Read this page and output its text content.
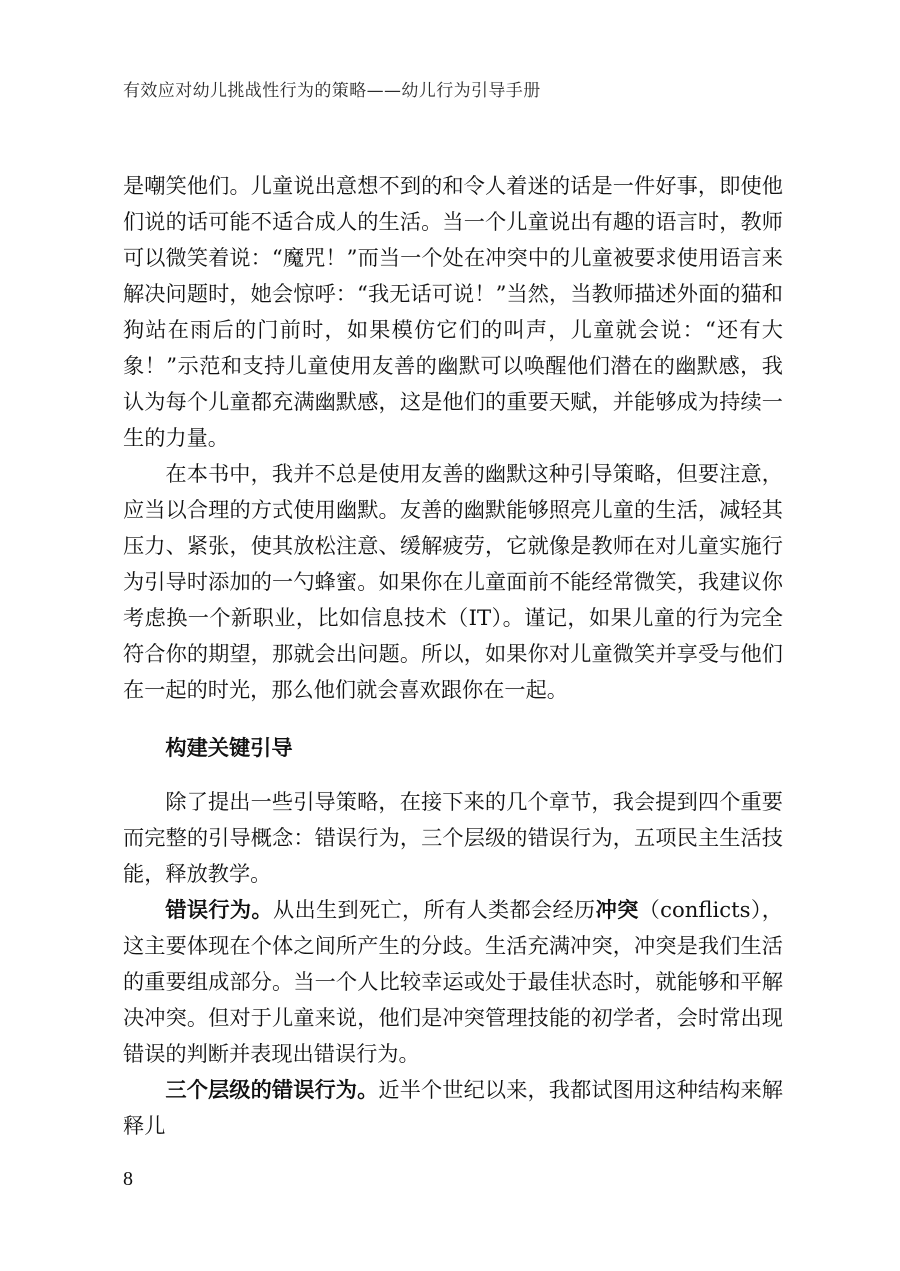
有效应对幼儿挑战性行为的策略——幼儿行为引导手册

是嘲笑他们。儿童说出意想不到的和令人着迷的话是一件好事，即使他们说的话可能不适合成人的生活。当一个儿童说出有趣的语言时，教师可以微笑着说：“魔咒！”而当一个处在冲突中的儿童被要求使用语言来解决问题时，她会惊呼：“我无话可说！”当然，当教师描述外面的猫和狗站在雨后的门前时，如果模仿它们的叫声，儿童就会说：“还有大象！”示范和支持儿童使用友善的幽默可以唤醒他们潜在的幽默感，我认为每个儿童都充满幽默感，这是他们的重要天赋，并能够成为持续一生的力量。

在本书中，我并不总是使用友善的幽默这种引导策略，但要注意，应当以合理的方式使用幽默。友善的幽默能够照亮儿童的生活，减轻其压力、紧张，使其放松注意、缓解疲劳，它就像是教师在对儿童实施行为引导时添加的一勺蜂蜜。如果你在儿童面前不能经常微笑，我建议你考虑换一个新职业，比如信息技术（IT）。谨记，如果儿童的行为完全符合你的期望，那就会出问题。所以，如果你对儿童微笑并享受与他们在一起的时光，那么他们就会喜欢跟你在一起。

构建关键引导

除了提出一些引导策略，在接下来的几个章节，我会提到四个重要而完整的引导概念：错误行为，三个层级的错误行为，五项民主生活技能，释放教学。

错误行为。从出生到死亡，所有人类都会经历冲突（conflicts），这主要体现在个体之间所产生的分歧。生活充满冲突，冲突是我们生活的重要组成部分。当一个人比较幸运或处于最佳状态时，就能够和平解决冲突。但对于儿童来说，他们是冲突管理技能的初学者，会时常出现错误的判断并表现出错误行为。

三个层级的错误行为。近半个世纪以来，我都试图用这种结构来解释儿

8
